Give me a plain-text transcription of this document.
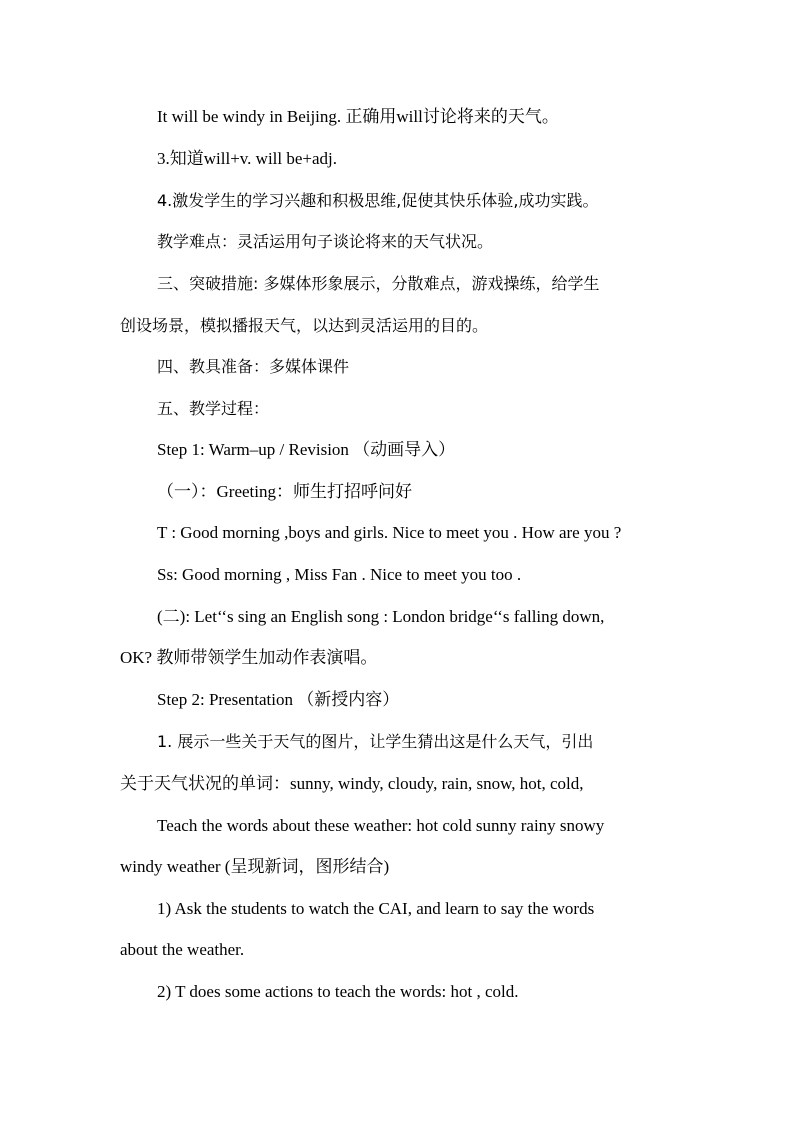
It will be windy in Beijing. 正确用will讨论将来的天气。
3.知道will+v. will be+adj.
4.激发学生的学习兴趣和积极思维,促使其快乐体验,成功实践。
教学难点：灵活运用句子谈论将来的天气状况。
三、突破措施: 多媒体形象展示，分散难点，游戏操练，给学生
创设场景，模拟播报天气，以达到灵活运用的目的。
四、教具准备：多媒体课件
五、教学过程：
Step 1: Warm–up / Revision （动画导入）
（一）：Greeting：师生打招呼问好
T : Good morning ,boys and girls. Nice to meet you . How are you ?
Ss: Good morning , Miss Fan . Nice to meet you too .
(二): Let‘‘s sing an English song : London bridge‘‘s falling down,
OK? 教师带领学生加动作表演唱。
Step 2: Presentation （新授内容）
1. 展示一些关于天气的图片，让学生猜出这是什么天气，引出
关于天气状况的单词：sunny, windy, cloudy, rain, snow, hot, cold,
Teach the words about these weather: hot cold sunny rainy snowy
windy weather (呈现新词，图形结合)
1) Ask the students to watch the CAI, and learn to say the words
about the weather.
2) T does some actions to teach the words: hot , cold.
